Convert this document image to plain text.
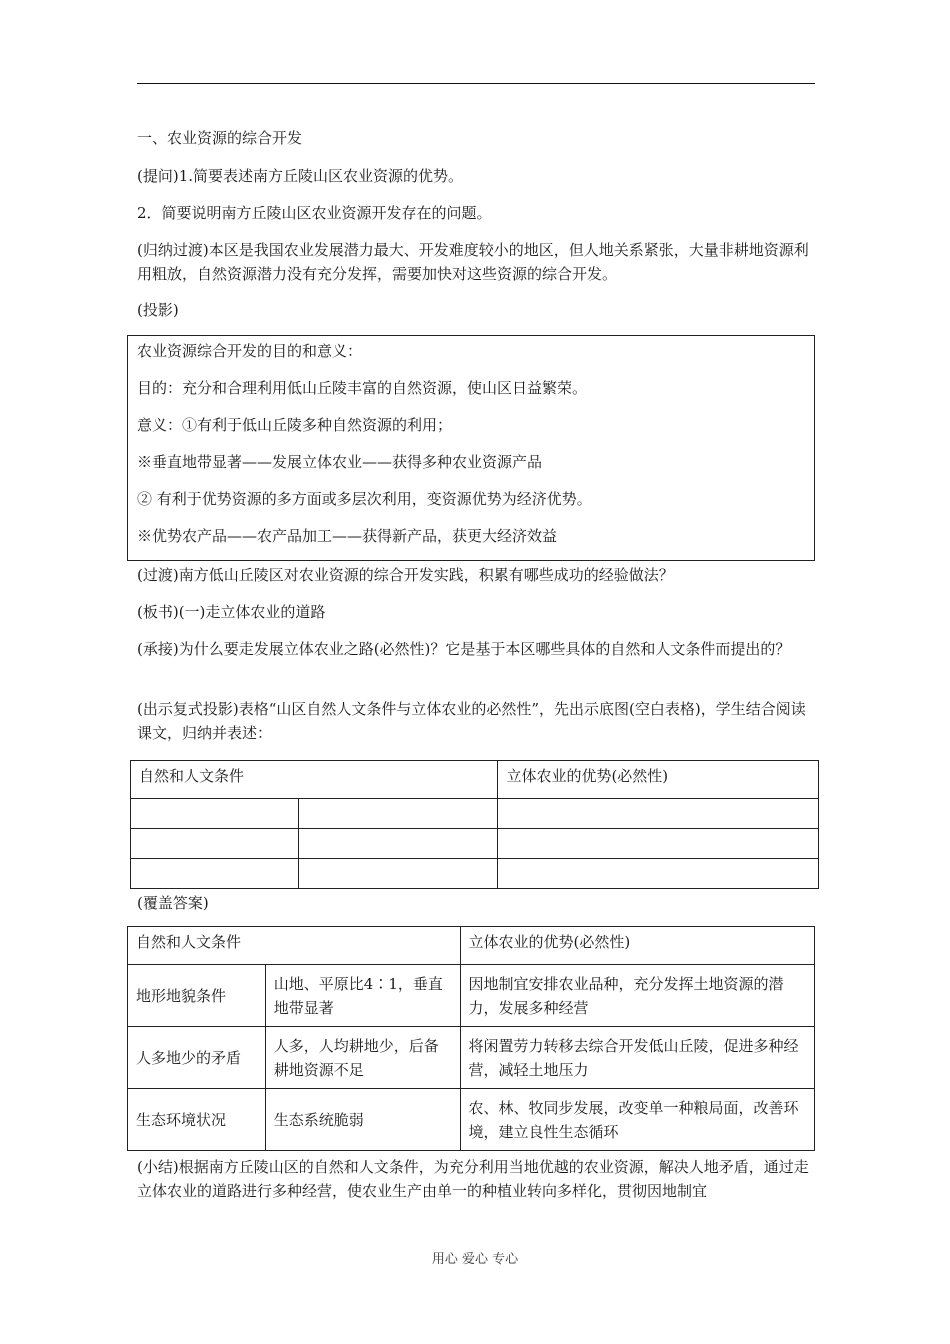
一、农业资源的综合开发
(提问)1.简要表述南方丘陵山区农业资源的优势。
2．简要说明南方丘陵山区农业资源开发存在的问题。
(归纳过渡)本区是我国农业发展潜力最大、开发难度较小的地区，但人地关系紧张，大量非耕地资源利用粗放，自然资源潜力没有充分发挥，需要加快对这些资源的综合开发。
(投影)
农业资源综合开发的目的和意义：
目的：充分和合理利用低山丘陵丰富的自然资源，使山区日益繁荣。
意义：①有利于低山丘陵多种自然资源的利用；
※垂直地带显著——发展立体农业——获得多种农业资源产品
② 有利于优势资源的多方面或多层次利用，变资源优势为经济优势。
※优势农产品——农产品加工——获得新产品，获更大经济效益
(过渡)南方低山丘陵区对农业资源的综合开发实践，积累有哪些成功的经验做法？
(板书)(一)走立体农业的道路
(承接)为什么要走发展立体农业之路(必然性)？它是基于本区哪些具体的自然和人文条件而提出的？
(出示复式投影)表格“山区自然人文条件与立体农业的必然性”，先出示底图(空白表格)，学生结合阅读课文，归纳并表述：
自然和人文条件		立体农业的优势(必然性)

(覆盖答案)
自然和人文条件		立体农业的优势(必然性)
地形地貌条件	山地、平原比4∶1，垂直地带显著	因地制宜安排农业品种，充分发挥土地资源的潜力，发展多种经营
人多地少的矛盾	人多，人均耕地少，后备耕地资源不足	将闲置劳力转移去综合开发低山丘陵，促进多种经营，减轻土地压力
生态环境状况	生态系统脆弱	农、林、牧同步发展，改变单一种粮局面，改善环境，建立良性生态循环
(小结)根据南方丘陵山区的自然和人文条件，为充分利用当地优越的农业资源，解决人地矛盾，通过走立体农业的道路进行多种经营，使农业生产由单一的种植业转向多样化，贯彻因地制宜
用心 爱心 专心
